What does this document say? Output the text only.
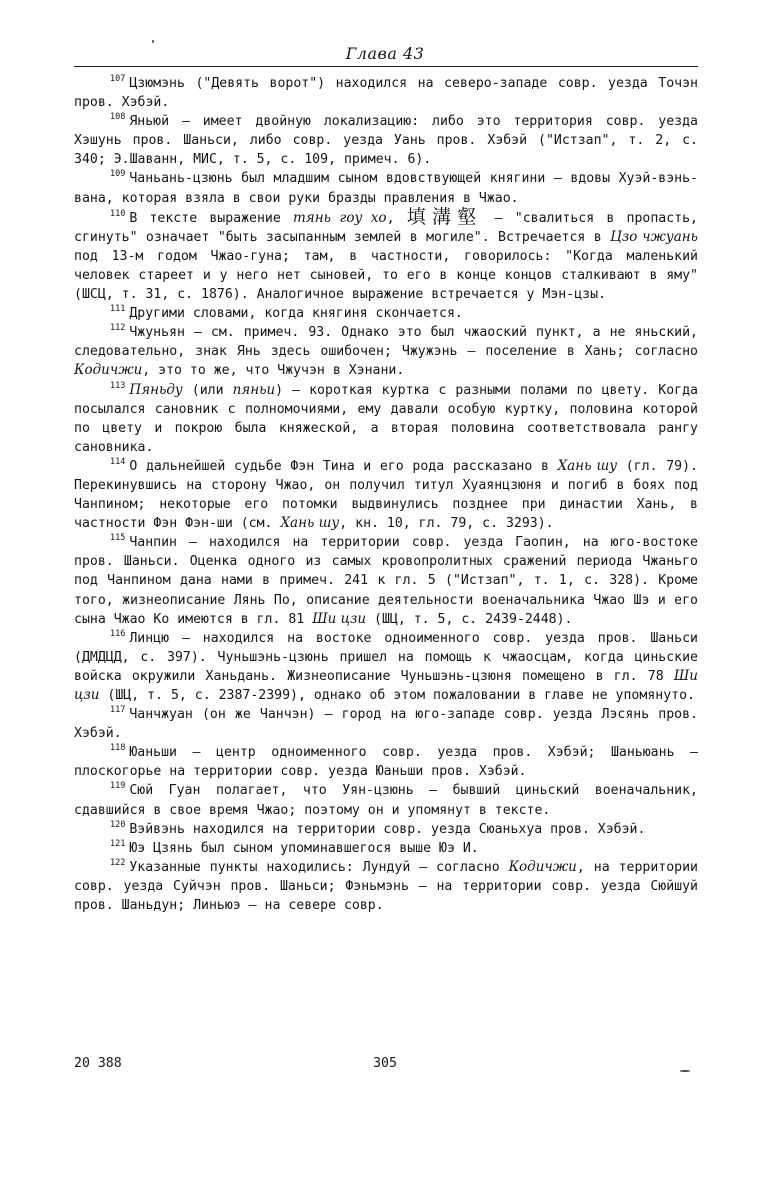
Глава 43

$^{107}$ Цзюмэнь ("Девять ворот") находился на северо-западе совр. уезда Точэн пров. Хэбэй.

$^{108}$ Яньюй — имеет двойную локализацию: либо это территория совр. уезда Хэшунь пров. Шаньси, либо совр. уезда Уань пров. Хэбэй ("Истзап", т. 2, с. 340; Э.Шаванн, МИС, т. 5, с. 109, примеч. 6).

$^{109}$ Чаньань-цзюнь был младшим сыном вдовствующей княгини — вдовы Хуэй-вэнь-вана, которая взяла в свои руки бразды правления в Чжао.

$^{110}$ В тексте выражение тянь гоу хо, 填溝壑 — "свалиться в пропасть, сгинуть" означает "быть засыпанным землей в могиле". Встречается в Цзо чжуань под 13-м годом Чжао-гуна; там, в частности, говорилось: "Когда маленький человек стареет и у него нет сыновей, то его в конце концов сталкивают в яму" (ШСЦ, т. 31, с. 1876). Аналогичное выражение встречается у Мэн-цзы.

$^{111}$ Другими словами, когда княгиня скончается.

$^{112}$ Чжуньян — см. примеч. 93. Однако это был чжаоский пункт, а не яньский, следовательно, знак Янь здесь ошибочен; Чжужэнь — поселение в Хань; согласно Кодичжи, это то же, что Чжучэн в Хэнани.

$^{113}$ Пяньду (или пяньи) — короткая куртка с разными полами по цвету. Когда посылался сановник с полномочиями, ему давали особую куртку, половина которой по цвету и покрою была княжеской, а вторая половина соответствовала рангу сановника.

$^{114}$ О дальнейшей судьбе Фэн Тина и его рода рассказано в Хань шу (гл. 79). Перекинувшись на сторону Чжао, он получил титул Хуаянцзюня и погиб в боях под Чанпином; некоторые его потомки выдвинулись позднее при династии Хань, в частности Фэн Фэн-ши (см. Хань шу, кн. 10, гл. 79, с. 3293).

$^{115}$ Чанпин — находился на территории совр. уезда Гаопин, на юго-востоке пров. Шаньси. Оценка одного из самых кровопролитных сражений периода Чжаньго под Чанпином дана нами в примеч. 241 к гл. 5 ("Истзап", т. 1, с. 328). Кроме того, жизнеописание Лянь По, описание деятельности военачальника Чжао Шэ и его сына Чжао Ко имеются в гл. 81 Ши цзи (ШЦ, т. 5, с. 2439-2448).

$^{116}$ Линцю — находился на востоке одноименного совр. уезда пров. Шаньси (ДМДЦД, с. 397). Чуньшэнь-цзюнь пришел на помощь к чжаосцам, когда циньские войска окружили Ханьдань. Жизнеописание Чуньшэнь-цзюня помещено в гл. 78 Ши цзи (ШЦ, т. 5, с. 2387-2399), однако об этом пожаловании в главе не упомянуто.

$^{117}$ Чанчжуан (он же Чанчэн) — город на юго-западе совр. уезда Лэсянь пров. Хэбэй.

$^{118}$ Юаньши — центр одноименного совр. уезда пров. Хэбэй; Шаньюань — плоскогорье на территории совр. уезда Юаньши пров. Хэбэй.

$^{119}$ Сюй Гуан полагает, что Уян-цзюнь — бывший циньский военачальник, сдавшийся в свое время Чжао; поэтому он и упомянут в тексте.

$^{120}$ Вэйвэнь находился на территории совр. уезда Сюаньхуа пров. Хэбэй.

$^{121}$ Юэ Цзянь был сыном упоминавшегося выше Юэ И.

$^{122}$ Указанные пункты находились: Лундуй — согласно Кодичжи, на территории совр. уезда Суйчэн пров. Шаньси; Фэньмэнь — на территории совр. уезда Сюйшуй пров. Шаньдун; Линьюэ — на севере совр.

20 388	305
